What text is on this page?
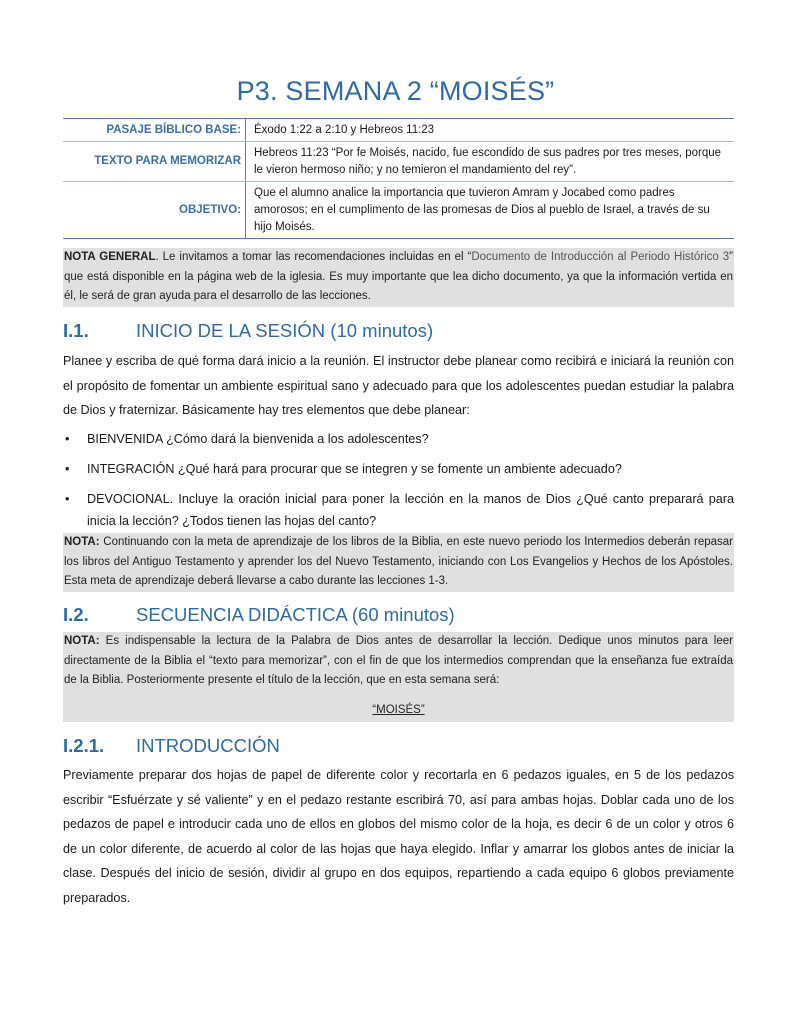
P3. SEMANA 2 “MOISÉS”
PASAJE BÍBLICO BASE:	Éxodo 1:22 a 2:10 y Hebreos 11:23
TEXTO PARA MEMORIZAR	Hebreos 11:23 “Por fe Moisés, nacido, fue escondido de sus padres por tres meses, porque le vieron hermoso niño; y no temieron el mandamiento del rey”.
OBJETIVO:	Que el alumno analice la importancia que tuvieron Amram y Jocabed como padres amorosos; en el cumplimento de las promesas de Dios al pueblo de Israel, a través de su hijo Moisés.
NOTA GENERAL. Le invitamos a tomar las recomendaciones incluidas en el “Documento de Introducción al Periodo Histórico 3” que está disponible en la página web de la iglesia. Es muy importante que lea dicho documento, ya que la información vertida en él, le será de gran ayuda para el desarrollo de las lecciones.
I.1.	INICIO DE LA SESIÓN (10 minutos)
Planee y escriba de qué forma dará inicio a la reunión. El instructor debe planear como recibirá e iniciará la reunión con el propósito de fomentar un ambiente espiritual sano y adecuado para que los adolescentes puedan estudiar la palabra de Dios y fraternizar. Básicamente hay tres elementos que debe planear:
• BIENVENIDA ¿Cómo dará la bienvenida a los adolescentes?
• INTEGRACIÓN ¿Qué hará para procurar que se integren y se fomente un ambiente adecuado?
• DEVOCIONAL. Incluye la oración inicial para poner la lección en la manos de Dios ¿Qué canto preparará para inicia la lección? ¿Todos tienen las hojas del canto?
NOTA: Continuando con la meta de aprendizaje de los libros de la Biblia, en este nuevo periodo los Intermedios deberán repasar los libros del Antiguo Testamento y aprender los del Nuevo Testamento, iniciando con Los Evangelios y Hechos de los Apóstoles. Esta meta de aprendizaje deberá llevarse a cabo durante las lecciones 1-3.
I.2.	SECUENCIA DIDÁCTICA (60 minutos)
NOTA: Es indispensable la lectura de la Palabra de Dios antes de desarrollar la lección. Dedique unos minutos para leer directamente de la Biblia el “texto para memorizar”, con el fin de que los intermedios comprendan que la enseñanza fue extraída de la Biblia. Posteriormente presente el título de la lección, que en esta semana será:
“MOISÉS”
I.2.1. INTRODUCCIÓN
Previamente preparar dos hojas de papel de diferente color y recortarla en 6 pedazos iguales, en 5 de los pedazos escribir “Esfuérzate y sé valiente” y en el pedazo restante escribirá 70, así para ambas hojas. Doblar cada uno de los pedazos de papel e introducir cada uno de ellos en globos del mismo color de la hoja, es decir 6 de un color y otros 6 de un color diferente, de acuerdo al color de las hojas que haya elegido. Inflar y amarrar los globos antes de iniciar la clase. Después del inicio de sesión, dividir al grupo en dos equipos, repartiendo a cada equipo 6 globos previamente preparados.
